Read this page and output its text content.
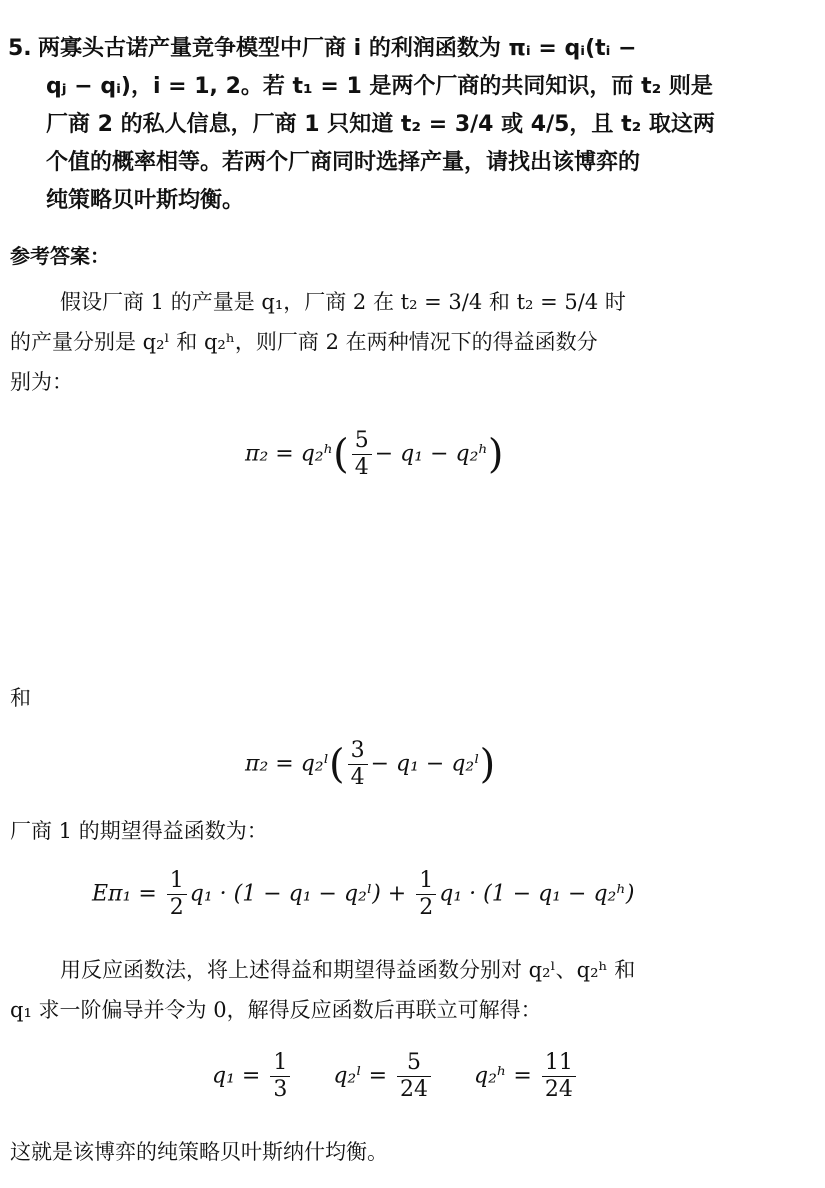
5. 两寡头古诺产量竞争模型中厂商 i 的利润函数为 πᵢ = qᵢ(tᵢ −
qⱼ − qᵢ)，i = 1, 2。若 t₁ = 1 是两个厂商的共同知识，而 t₂ 则是
厂商 2 的私人信息，厂商 1 只知道 t₂ = 3/4 或 4/5，且 t₂ 取这两
个值的概率相等。若两个厂商同时选择产量，请找出该博弈的
纯策略贝叶斯均衡。
参考答案：
假设厂商 1 的产量是 q₁，厂商 2 在 t₂ = 3/4 和 t₂ = 5/4 时
的产量分别是 q₂ˡ 和 q₂ʰ，则厂商 2 在两种情况下的得益函数分
别为：
π₂ = q₂ʰ( $\frac{5}{4} - q_1$ − q₂ʰ)
和
π₂ = q₂ˡ( $\frac{3}{4} - q_1$ − q₂ˡ)
厂商 1 的期望得益函数为：
$E\pi_1 = \frac{1}{2} q_1 \cdot (1 - q_1$ − q₂ˡ) + $\frac{1}{2} q_1 \cdot (1 - q_1$ − q₂ʰ)
用反应函数法，将上述得益和期望得益函数分别对 q₂ˡ、q₂ʰ 和
q₁ 求一阶偏导并令为 0，解得反应函数后再联立可解得：
$q_1 = \frac{1}{3}$ q₂ˡ = $\frac{5}{24}$ q₂ʰ = $\frac{11}{24}$
这就是该博弈的纯策略贝叶斯纳什均衡。
